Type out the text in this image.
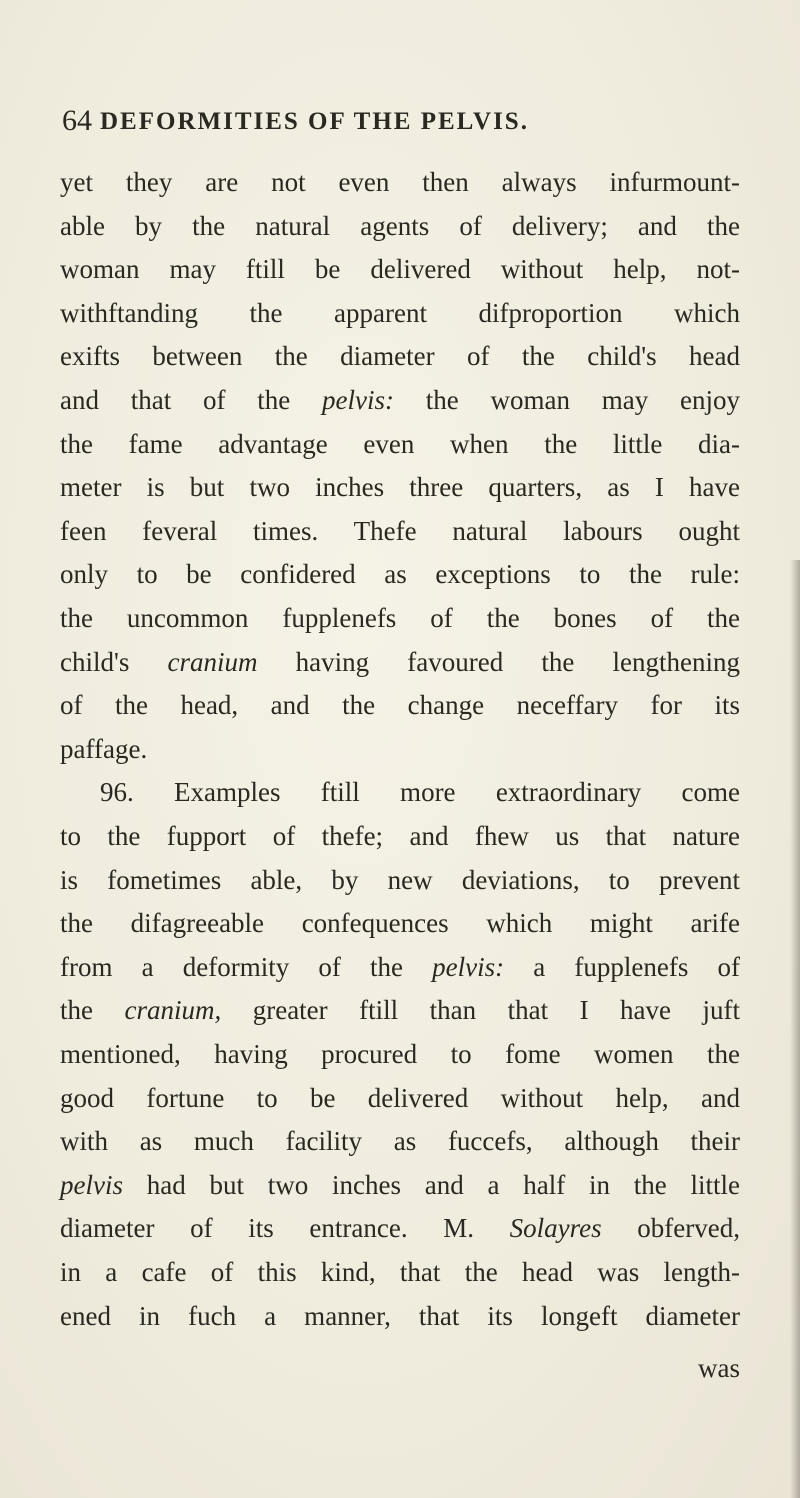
64 DEFORMITIES OF THE PELVIS.
yet they are not even then always infurmount-
able by the natural agents of delivery; and the
woman may ftill be delivered without help, not-
withftanding the apparent difproportion which
exifts between the diameter of the child's head
and that of the pelvis: the woman may enjoy
the fame advantage even when the little dia-
meter is but two inches three quarters, as I have
feen feveral times. Thefe natural labours ought
only to be confidered as exceptions to the rule:
the uncommon fupplenefs of the bones of the
child's cranium having favoured the lengthening
of the head, and the change neceffary for its
paffage.
96. Examples ftill more extraordinary come
to the fupport of thefe; and fhew us that nature
is fometimes able, by new deviations, to prevent
the difagreeable confequences which might arife
from a deformity of the pelvis: a fupplenefs of
the cranium, greater ftill than that I have juft
mentioned, having procured to fome women the
good fortune to be delivered without help, and
with as much facility as fuccefs, although their
pelvis had but two inches and a half in the little
diameter of its entrance. M. Solayres obferved,
in a cafe of this kind, that the head was length-
ened in fuch a manner, that its longeft diameter
was
